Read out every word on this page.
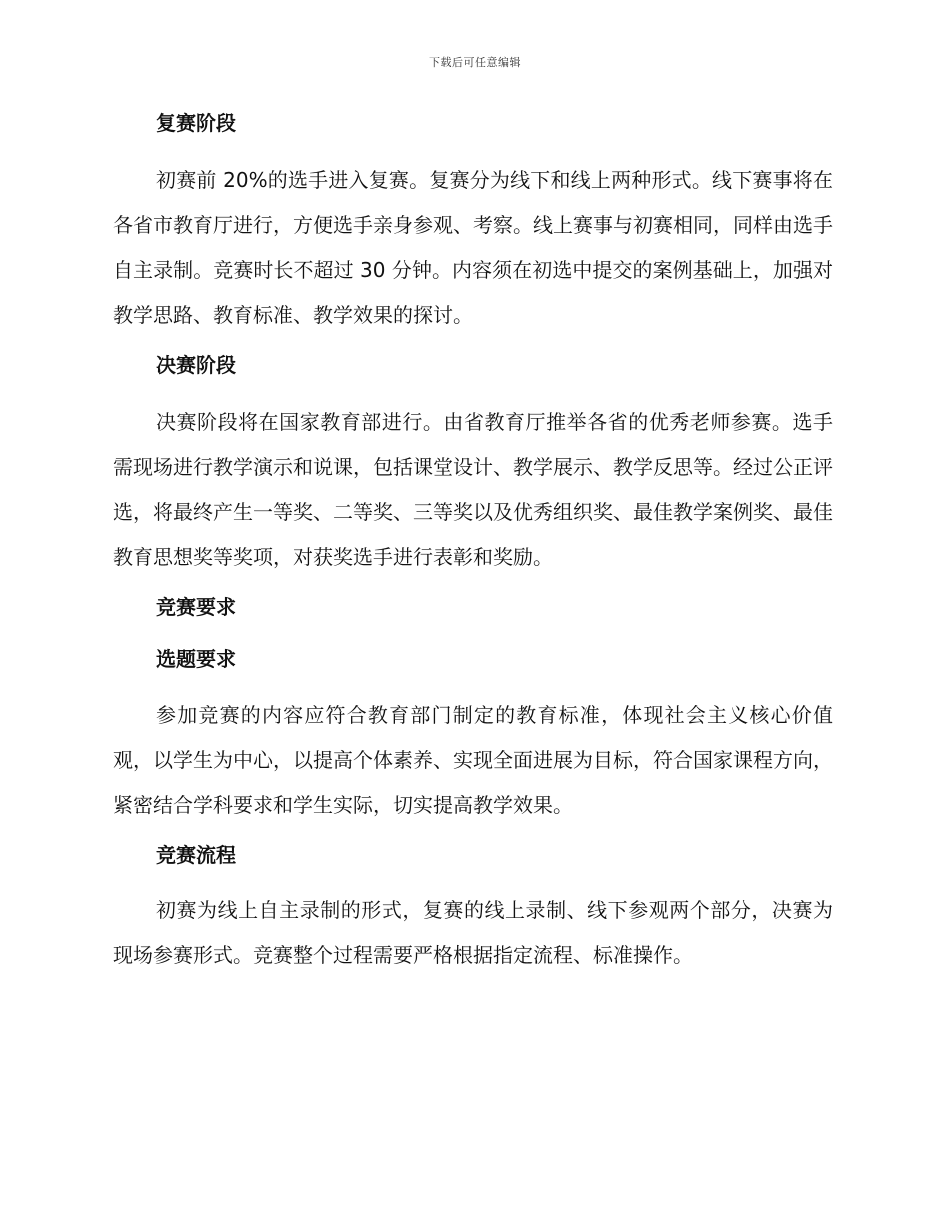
下载后可任意编辑
复赛阶段

初赛前 20%的选手进入复赛。复赛分为线下和线上两种形式。线下赛事将在各省市教育厅进行，方便选手亲身参观、考察。线上赛事与初赛相同，同样由选手自主录制。竞赛时长不超过 30 分钟。内容须在初选中提交的案例基础上，加强对教学思路、教育标准、教学效果的探讨。

决赛阶段

决赛阶段将在国家教育部进行。由省教育厅推举各省的优秀老师参赛。选手需现场进行教学演示和说课，包括课堂设计、教学展示、教学反思等。经过公正评选，将最终产生一等奖、二等奖、三等奖以及优秀组织奖、最佳教学案例奖、最佳教育思想奖等奖项，对获奖选手进行表彰和奖励。

竞赛要求
选题要求

参加竞赛的内容应符合教育部门制定的教育标准，体现社会主义核心价值观，以学生为中心，以提高个体素养、实现全面进展为目标，符合国家课程方向，紧密结合学科要求和学生实际，切实提高教学效果。

竞赛流程

初赛为线上自主录制的形式，复赛的线上录制、线下参观两个部分，决赛为现场参赛形式。竞赛整个过程需要严格根据指定流程、标准操作。
